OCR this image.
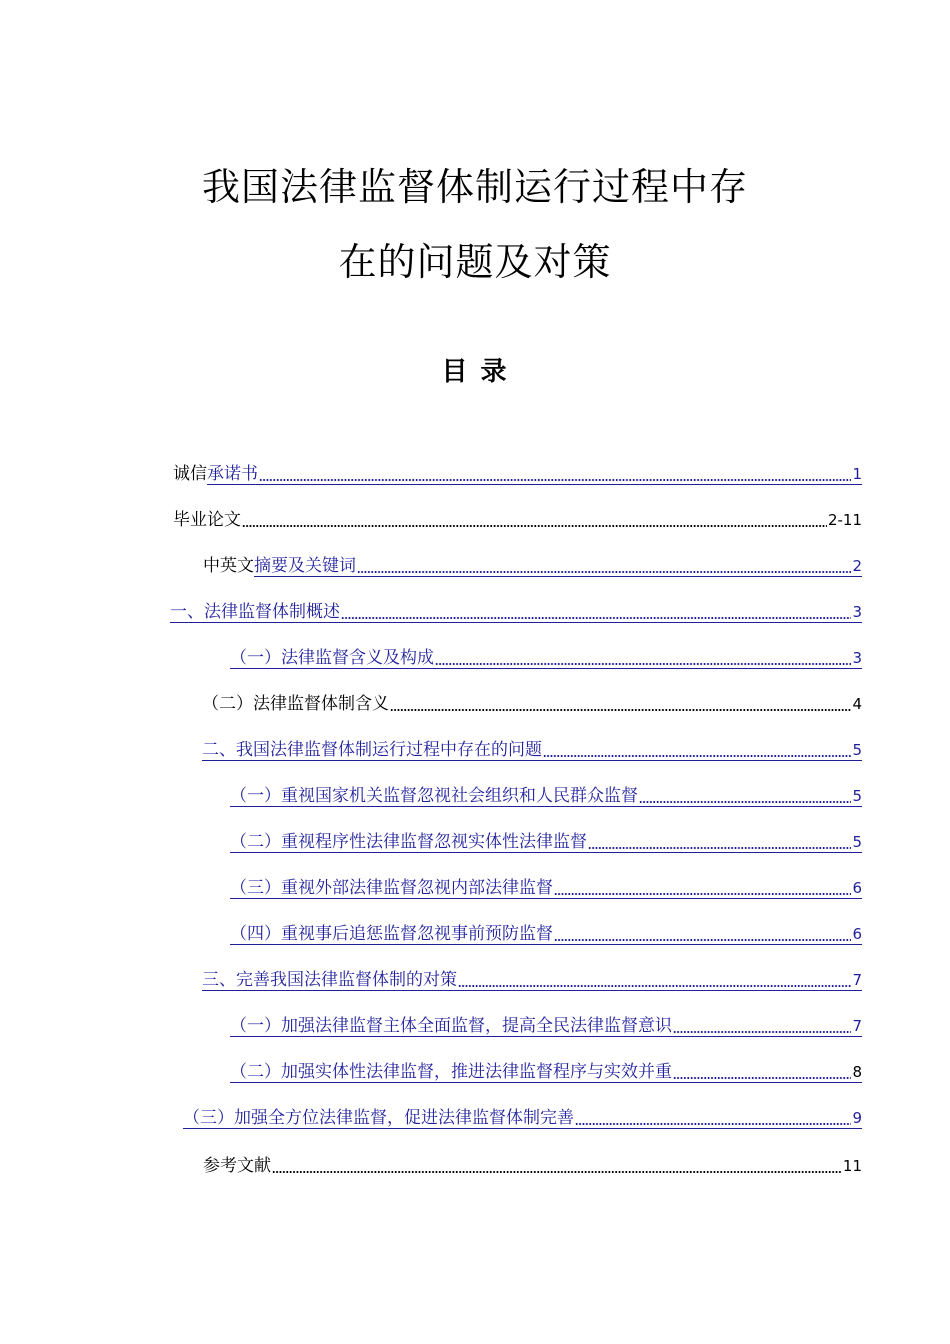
我国法律监督体制运行过程中存
在的问题及对策
目 录
诚信 承诺书	1
毕业论文	2-11
中英文 摘要及关键词	2
一、法律监督体制概述	3
（一）法律监督含义及构成	3
（二）法律监督体制含义	4
二、我国法律监督体制运行过程中存在的问题	5
（一）重视国家机关监督忽视社会组织和人民群众监督	5
（二）重视程序性法律监督忽视实体性法律监督	5
（三）重视外部法律监督忽视内部法律监督	6
（四）重视事后追惩监督忽视事前预防监督	6
三、完善我国法律监督体制的对策	7
（一）加强法律监督主体全面监督，提高全民法律监督意识	7
（二）加强实体性法律监督，推进法律监督程序与实效并重	8
（三）加强全方位法律监督，促进法律监督体制完善	9
参考文献	11
